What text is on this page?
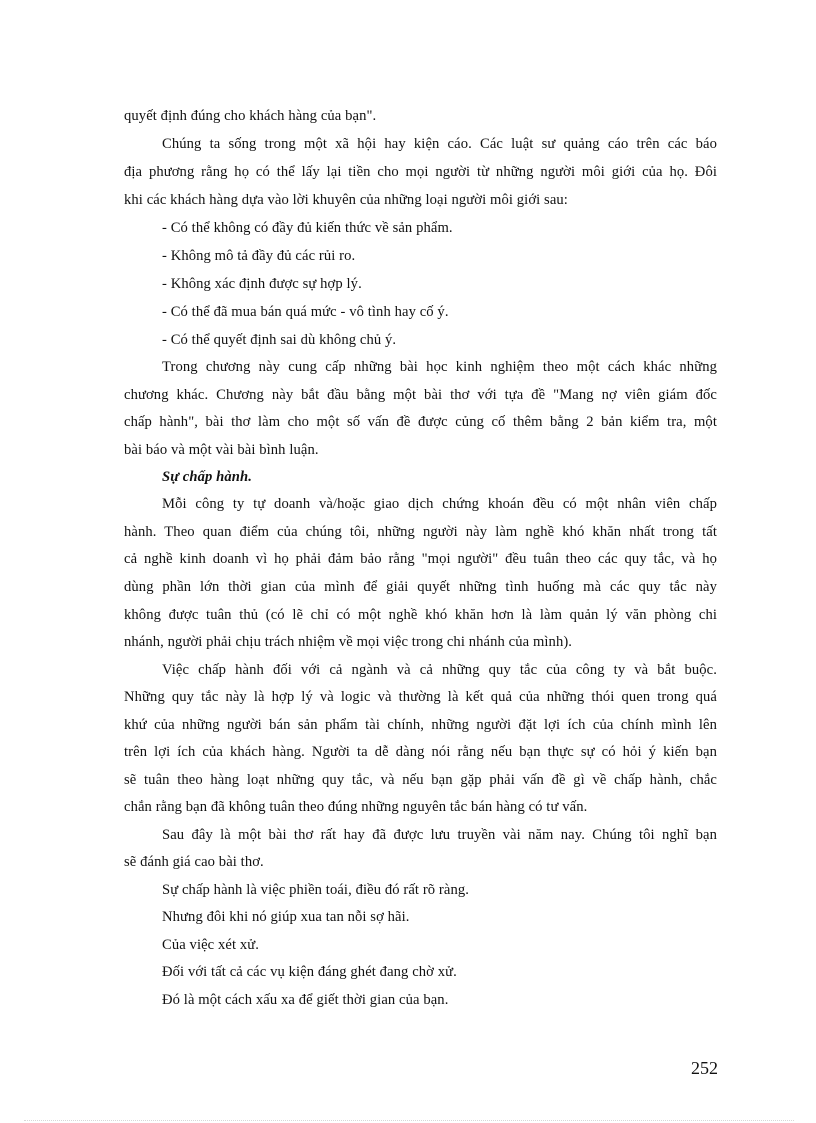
quyết định đúng cho khách hàng của bạn".
Chúng ta sống trong một xã hội hay kiện cáo. Các luật sư quảng cáo trên các báo
địa phương rằng họ có thể lấy lại tiền cho mọi người từ những người môi giới của họ. Đôi
khi các khách hàng dựa vào lời khuyên của những loại người môi giới sau:
- Có thể không có đầy đủ kiến thức về sản phẩm.
- Không mô tả đầy đủ các rủi ro.
- Không xác định được sự hợp lý.
- Có thể đã mua bán quá mức - vô tình hay cố ý.
- Có thể quyết định sai dù không chủ ý.
Trong chương này cung cấp những bài học kinh nghiệm theo một cách khác những
chương khác. Chương này bắt đầu bằng một bài thơ với tựa đề "Mang nợ viên giám đốc
chấp hành", bài thơ làm cho một số vấn đề được củng cố thêm bằng 2 bản kiểm tra, một
bài báo và một vài bài bình luận.
Sự chấp hành.
Mỗi công ty tự doanh và/hoặc giao dịch chứng khoán đều có một nhân viên chấp
hành. Theo quan điểm của chúng tôi, những người này làm nghề khó khăn nhất trong tất
cả nghề kinh doanh vì họ phải đảm bảo rằng "mọi người" đều tuân theo các quy tắc, và họ
dùng phần lớn thời gian của mình để giải quyết những tình huống mà các quy tắc này
không được tuân thủ (có lẽ chỉ có một nghề khó khăn hơn là làm quản lý văn phòng chi
nhánh, người phải chịu trách nhiệm về mọi việc trong chi nhánh của mình).
Việc chấp hành đối với cả ngành và cả những quy tắc của công ty và bắt buộc.
Những quy tắc này là hợp lý và logic và thường là kết quả của những thói quen trong quá
khứ của những người bán sản phẩm tài chính, những người đặt lợi ích của chính mình lên
trên lợi ích của khách hàng. Người ta dễ dàng nói rằng nếu bạn thực sự có hỏi ý kiến bạn
sẽ tuân theo hàng loạt những quy tắc, và nếu bạn gặp phải vấn đề gì về chấp hành, chắc
chắn rằng bạn đã không tuân theo đúng những nguyên tắc bán hàng có tư vấn.
Sau đây là một bài thơ rất hay đã được lưu truyền vài năm nay. Chúng tôi nghĩ bạn
sẽ đánh giá cao bài thơ.
Sự chấp hành là việc phiền toái, điều đó rất rõ ràng.
Nhưng đôi khi nó giúp xua tan nỗi sợ hãi.
Của việc xét xử.
Đối với tất cả các vụ kiện đáng ghét đang chờ xử.
Đó là một cách xấu xa để giết thời gian của bạn.
252
